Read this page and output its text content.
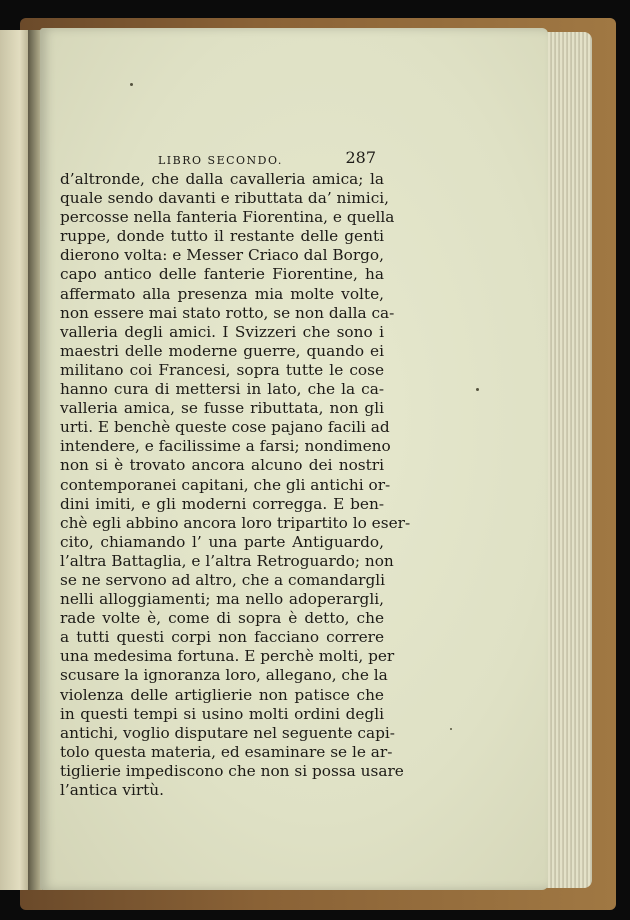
LIBRO SECONDO.	287
d’altronde, che dalla cavalleria amica; la
quale sendo davanti e ributtata da’ nimici,
percosse nella fanteria Fiorentina, e quella
ruppe, donde tutto il restante delle genti
dierono volta: e Messer Criaco dal Borgo,
capo antico delle fanterie Fiorentine, ha
affermato alla presenza mia molte volte,
non essere mai stato rotto, se non dalla ca-
valleria degli amici. I Svizzeri che sono i
maestri delle moderne guerre, quando ei
militano coi Francesi, sopra tutte le cose
hanno cura di mettersi in lato, che la ca-
valleria amica, se fusse ributtata, non gli
urti. E benchè queste cose pajano facili ad
intendere, e facilissime a farsi; nondimeno
non si è trovato ancora alcuno dei nostri
contemporanei capitani, che gli antichi or-
dini imiti, e gli moderni corregga. E ben-
chè egli abbino ancora loro tripartito lo eser-
cito, chiamando l’ una parte Antiguardo,
l’altra Battaglia, e l’altra Retroguardo; non
se ne servono ad altro, che a comandargli
nelli alloggiamenti; ma nello adoperargli,
rade volte è, come di sopra è detto, che
a tutti questi corpi non facciano correre
una medesima fortuna. E perchè molti, per
scusare la ignoranza loro, allegano, che la
violenza delle artiglierie non patisce che
in questi tempi si usino molti ordini degli
antichi, voglio disputare nel seguente capi-
tolo questa materia, ed esaminare se le ar-
tiglierie impediscono che non si possa usare
l’antica virtù.
